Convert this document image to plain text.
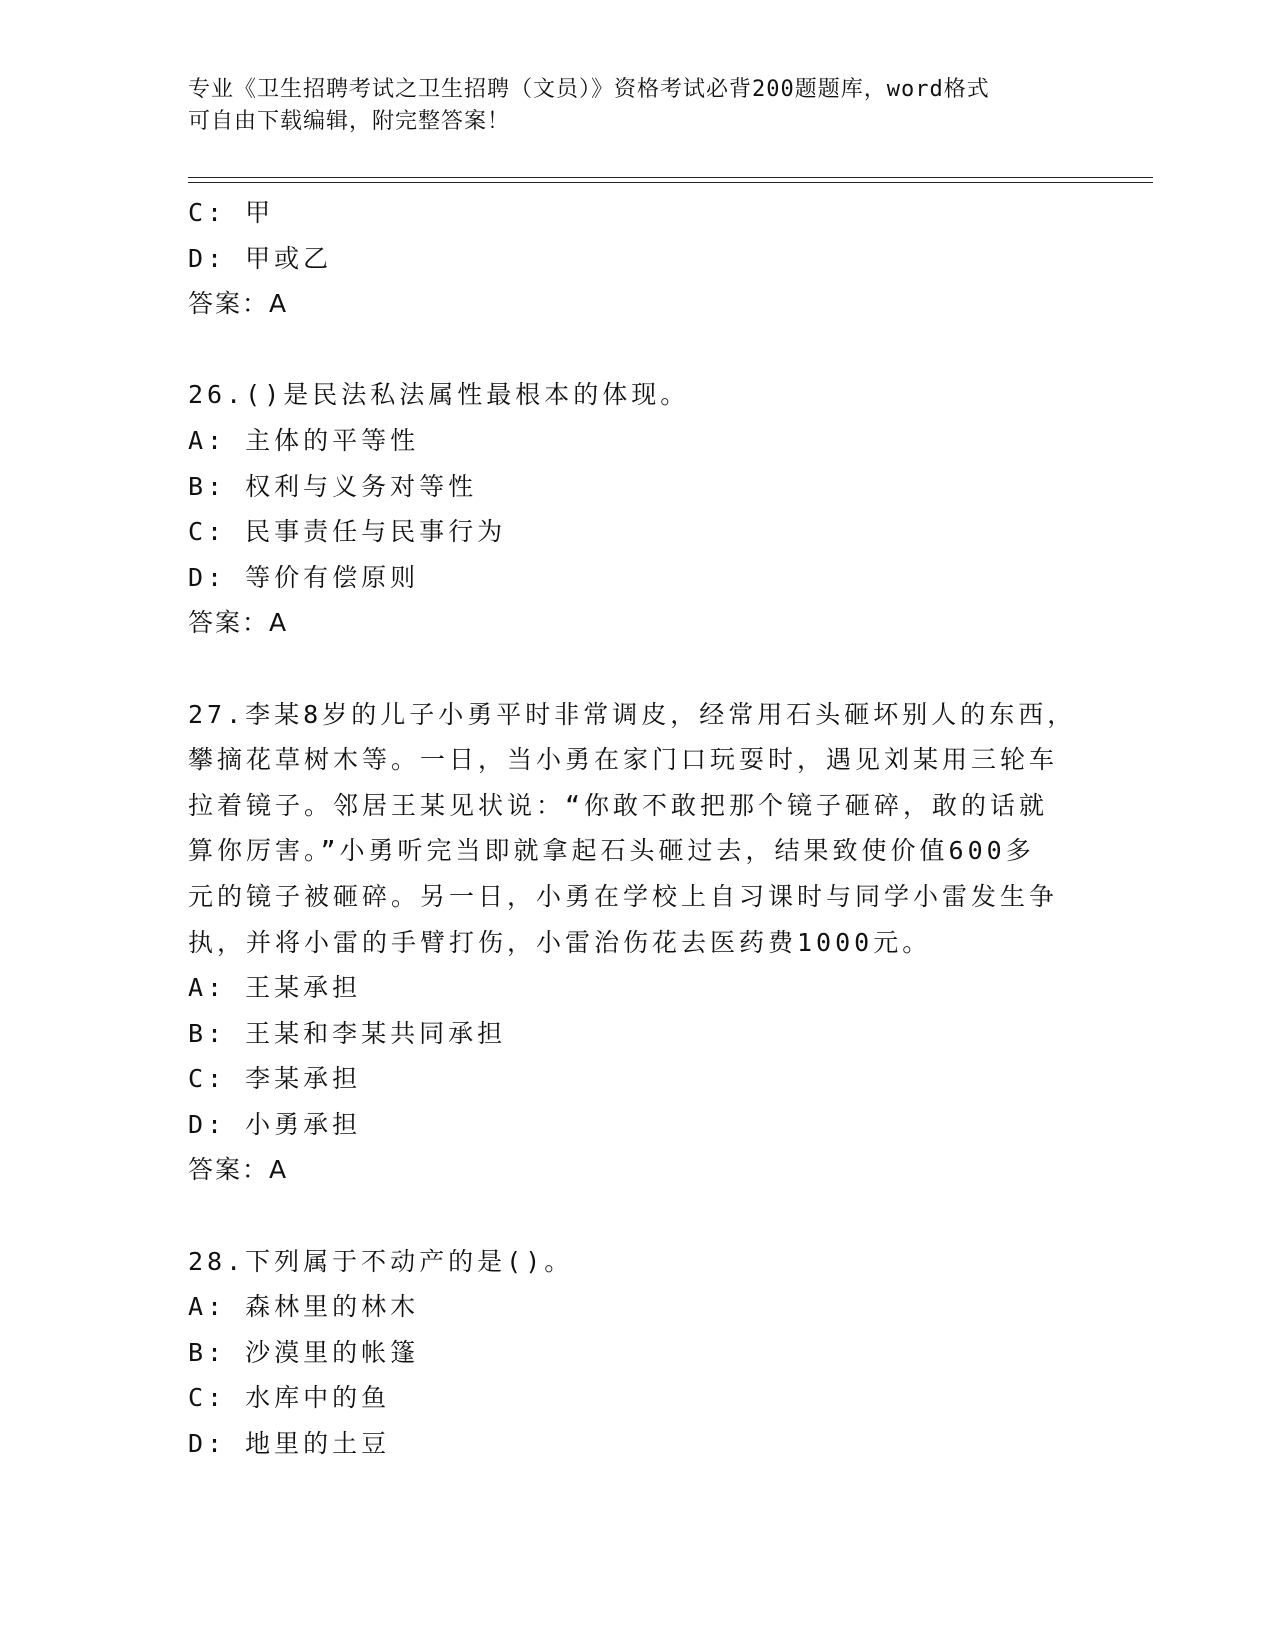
专业《卫生招聘考试之卫生招聘（文员）》资格考试必背200题题库，word格式
可自由下载编辑，附完整答案！
C: 甲
D: 甲或乙
答案：A
26.()是民法私法属性最根本的体现。
A: 主体的平等性
B: 权利与义务对等性
C: 民事责任与民事行为
D: 等价有偿原则
答案：A
27.李某8岁的儿子小勇平时非常调皮，经常用石头砸坏别人的东西，
攀摘花草树木等。一日，当小勇在家门口玩耍时，遇见刘某用三轮车
拉着镜子。邻居王某见状说：“你敢不敢把那个镜子砸碎，敢的话就
算你厉害。”小勇听完当即就拿起石头砸过去，结果致使价值600多
元的镜子被砸碎。另一日，小勇在学校上自习课时与同学小雷发生争
执，并将小雷的手臂打伤，小雷治伤花去医药费1000元。
A: 王某承担
B: 王某和李某共同承担
C: 李某承担
D: 小勇承担
答案：A
28.下列属于不动产的是()。
A: 森林里的林木
B: 沙漠里的帐篷
C: 水库中的鱼
D: 地里的土豆
